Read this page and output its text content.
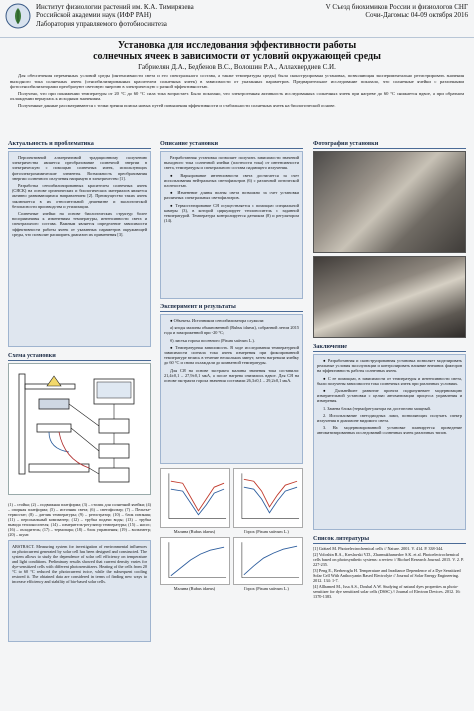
Институт физиологии растений им. К.А. Тимирязева
Российской академии наук (ИФР РАН)
Лаборатория управляемого фотобиосинтеза
V Съезд биохимиков России и физиологов СНГ
Сочи-Дагомыс 04-09 октября 2016
Установка для исследования эффективности работы
солнечных ячеек в зависимости от условий окружающей среды
Габриелян Д.А., Бедбенов В.С., Волошин Р.А., Аллахвердиев С.И.

Для обеспечения переменных условий среды (интенсивности света и его спектрального состава, а также температуры среды) была сконструирована установка, позволяющая экспериментально регистрировать значения выходного тока солнечных ячеек (сенсибилизированных красителем солнечных ячеек) в зависимости от указанных параметров. Предварительное исследование показало, что солнечные ячейки с различными фотосенсибилизаторами преобразуют световую энергию в электрическую с разной эффективностью.

Получено, что при понижении температуры от 20 °С до 60 °С сила тока возрастает. Было показано, что электрогенная активность исследованных солнечных ячеек при нагреве до 60 °С снижается вдвое, а при обратном охлаждении вернулась к исходным значениям.

Полученные данные рассматриваются с точки зрения поиска новых путей повышения эффективности и стабильности солнечных ячеек на биологической основе.

Актуальность и проблематика

Перспективной альтернативой традиционному получению электричества является преобразование солнечной энергии в электрическую с помощью солнечных ячеек, использующих фотоэлектрохимические элементы. Возможность преобразования энергии солнечного излучения напрямую в электричество [1].

Разработка сенсибилизированных красителем солнечных ячеек (СЯСК) на основе органических и биологических материалов является активно развивающимся направлением [2]. Преимущество таких ячеек заключается в их относительной дешевизне и экологической безопасности производства и утилизации.

Солнечные ячейки на основе биологических структур более восприимчивы к изменениям температуры, интенсивности света и спектрального состава. Важным является определение зависимости эффективности работы ячеек от указанных параметров окружающей среды, что позволит расширить диапазон их применения [3].

Схема установки
(1) – стойка; (2) – подвижная платформа; (3) – столик для солнечной ячейки; (4) – опорная платформа; (5) – источник света; (6) – светофильтр; (7) – Пельтье-термостат; (8) – датчик температуры; (9) – регистратор; (10) – блок питания; (11) – персональный компьютер; (12) – трубка подачи воды; (13) – трубка вывода теплоносителя; (14) – измеритель-регулятор температуры; (15) – насос; (16) – охладитель; (17) – термопара; (18) – блок управления; (19) – вольтметр; (20) – шунт.
ABSTRACT. Measuring system for investigation of environmental influences on photocurrent generated by solar cell has been designed and constructed. The system allows to study the dependence of solar cell efficiency on temperature and light conditions. Preliminary results showed that current density varies for dye-sensitized cells with different photosensitizers. Heating of the cells from 20 °C to 60 °C reduced the photocurrent twice, while the subsequent cooling restored it. The obtained data are considered in terms of finding new ways to increase efficiency and stability of bio-based solar cells.
Описание установки

Разработанная установка позволяет получить зависимости значений выходного тока солнечной ячейки (плотности тока) от интенсивности света, температуры и спектрального состава падающего излучения.

● Варьирование интенсивности света достигается за счет использования нейтральных светофильтров (6) с различной оптической плотностью.

● Изменение длины волны света возможно за счет установки различных спектральных светофильтров.

● Термостатирование СЯ осуществляется с помощью специальной камеры (3), в которой циркулирует теплоноситель с заданной температурой. Температура контролируется датчиком (8) и регулятором (14).

Эксперимент и результаты

● Объекты. Источником сенсибилизатора служили:

а) ягоды малины обыкновенной (Rubus idaeus), собранной летом 2015 года и замороженной при -20 °С;

б) листья гороха посевного (Pisum sativum L.).

● Температурная зависимость. В ходе исследования температурной зависимости сигнала тока ячеек измерения при фиксированной температуре велись в течение нескольких минут, затем нагревали ячейку до 60 °С и снова охлаждали до комнатной температуры.

Для СЯ на основе экстракта малины значения тока составили: 21,4±0,1 – 27,9±0,1 мкА, а после нагрева снизились вдвое. Для СЯ на основе экстракта гороха значения составили 26,3±0,1 – 29,2±0,1 мкА.

Малина (Rubus idaeus)	Горох (Pisum sativum L.)
Малина (Rubus idaeus)	Горох (Pisum sativum L.)
Фотография установки
Заключение

● Разработанная и сконструированная установка позволяет моделировать реальные условия эксплуатации и контролировать влияние внешних факторов на эффективность работы солнечных ячеек.

● С ее помощью, в зависимости от температуры и интенсивности света, были получены зависимости тока солнечных ячеек при различных условиях.

● Дальнейшее развитие проекта подразумевает модернизацию измерительной установки с целью автоматизации процесса управления и измерения.

1. Замена блока (термо)регулятора на достаточно мощный.

2. Использование светодиодных ламп, позволяющих получать спектр излучения в диапазоне видимого света.

3. На модернизированной установке планируется проведение автоматизированных исследований солнечных ячеек различных типов.

Список литературы
[1] Grätzel M. Photoelectrochemical cells // Nature. 2001. V. 414. P. 338-344.
[2] Voloshin R.A., Kreslavski V.D., Zharmukhamedov S.K. et al. Photoelectrochemical cells based on photosynthetic systems: a review // Biofuel Research Journal. 2015. V. 2. P. 227-235.
[3] Peng E., Berberoglu H. Temperature and Irradiance Dependence of a Dye Sensitized Solar Cell With Anthocyanin Based Electrolyte // Journal of Solar Energy Engineering. 2012. 134: 1-7.
[4] Allhamed M., Issa A.S., Doubal A.W. Studying of natural dyes properties as photo-sensitizer for dye sensitized solar cells (DSSC) // Journal of Electron Devices. 2012. 16: 1370-1383.
